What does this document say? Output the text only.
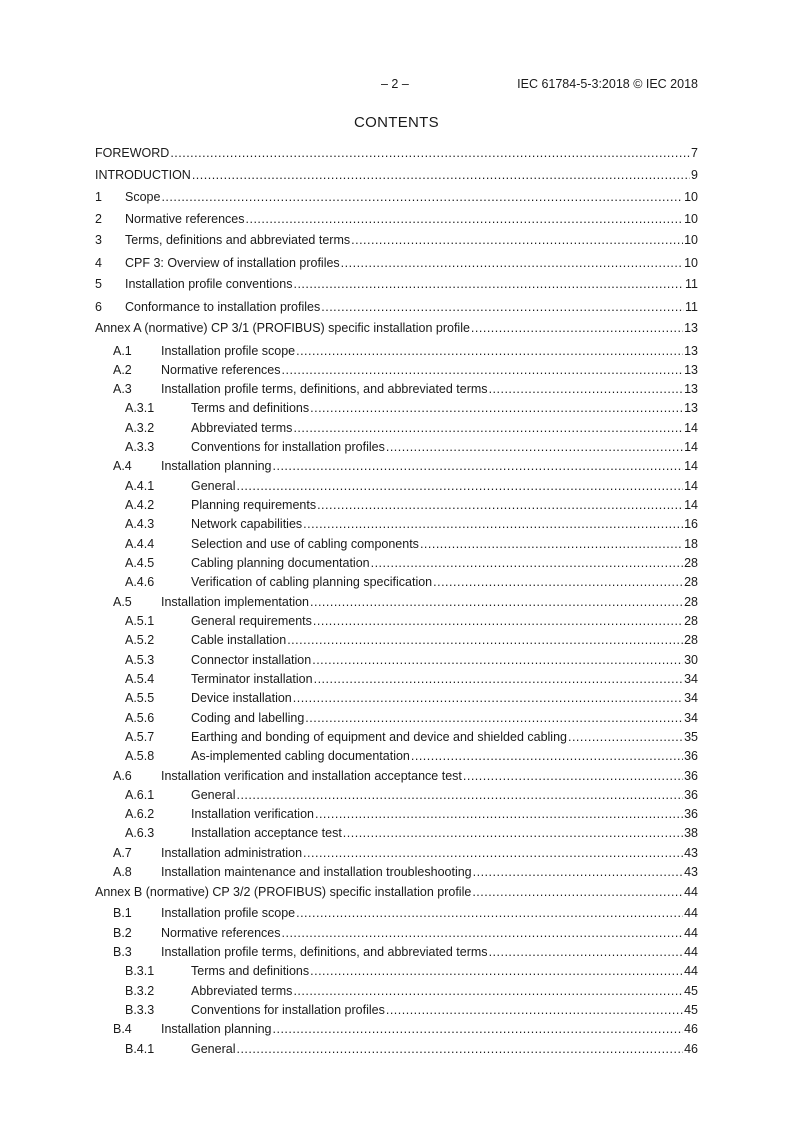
– 2 –	IEC 61784-5-3:2018 © IEC 2018
CONTENTS
FOREWORD .....	7
INTRODUCTION .....	9
1 Scope .....	10
2 Normative references .....	10
3 Terms, definitions and abbreviated terms .....	10
4 CPF 3: Overview of installation profiles .....	10
5 Installation profile conventions .....	11
6 Conformance to installation profiles .....	11
Annex A (normative) CP 3/1 (PROFIBUS) specific installation profile .....	13
A.1 Installation profile scope .....	13
A.2 Normative references .....	13
A.3 Installation profile terms, definitions, and abbreviated terms .....	13
A.3.1	Terms and definitions .....	13
A.3.2	Abbreviated terms .....	14
A.3.3	Conventions for installation profiles .....	14
A.4 Installation planning .....	14
A.4.1	General .....	14
A.4.2	Planning requirements .....	14
A.4.3	Network capabilities .....	16
A.4.4	Selection and use of cabling components .....	18
A.4.5	Cabling planning documentation .....	28
A.4.6	Verification of cabling planning specification .....	28
A.5 Installation implementation .....	28
A.5.1	General requirements .....	28
A.5.2	Cable installation .....	28
A.5.3	Connector installation .....	30
A.5.4	Terminator installation .....	34
A.5.5	Device installation .....	34
A.5.6	Coding and labelling .....	34
A.5.7	Earthing and bonding of equipment and device and shielded cabling .....	35
A.5.8	As-implemented cabling documentation .....	36
A.6 Installation verification and installation acceptance test .....	36
A.6.1	General .....	36
A.6.2	Installation verification .....	36
A.6.3	Installation acceptance test .....	38
A.7 Installation administration .....	43
A.8 Installation maintenance and installation troubleshooting .....	43
Annex B (normative) CP 3/2 (PROFIBUS) specific installation profile .....	44
B.1 Installation profile scope .....	44
B.2 Normative references .....	44
B.3 Installation profile terms, definitions, and abbreviated terms .....	44
B.3.1	Terms and definitions .....	44
B.3.2	Abbreviated terms .....	45
B.3.3	Conventions for installation profiles .....	45
B.4 Installation planning .....	46
B.4.1	General .....	46
